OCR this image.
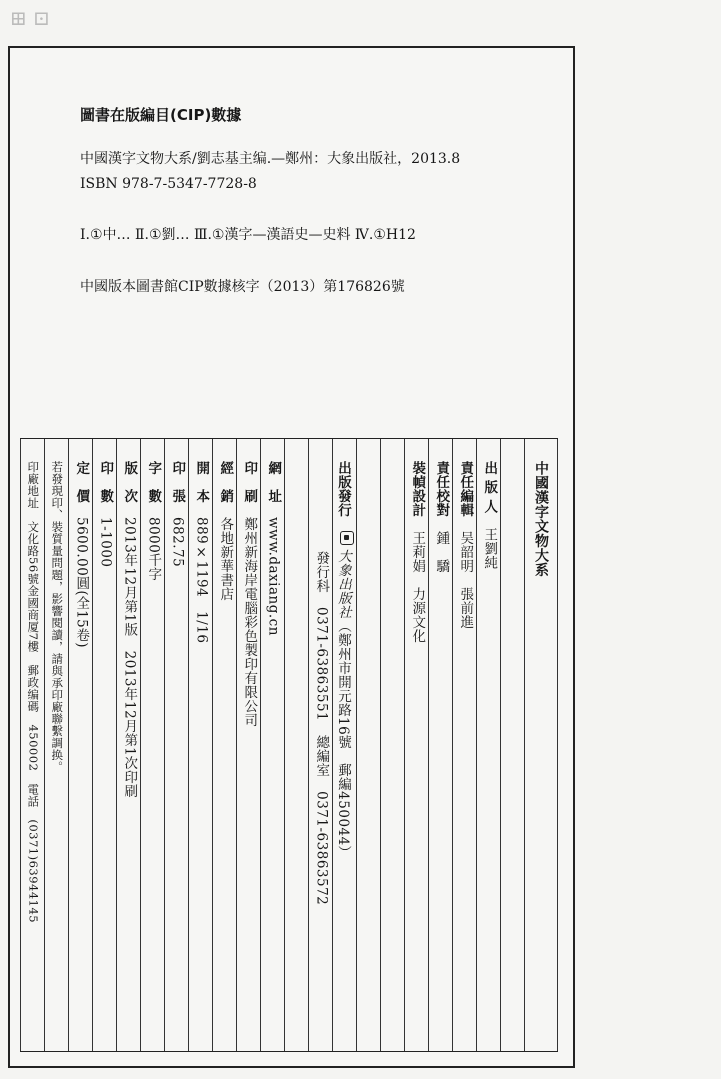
⊞ ⊡
圖書在版編目(CIP)數據
中國漢字文物大系/劉志基主编.—鄭州：大象出版社，2013.8
ISBN 978-7-5347-7728-8
Ⅰ.①中… Ⅱ.①劉… Ⅲ.①漢字—漢語史—史料 Ⅳ.①H12
中國版本圖書館CIP數據核字（2013）第176826號
印廠地址　文化路56號金國商厦7樓　郵政编碼　450002　電話　(0371)63944145 若發現印、裝質量問題，影響閱讀，請與承印廠聯繫調换。 定　價5600.00圓(全15卷)
印　數1-1000
版　次2013年12月第1版　2013年12月第1次印刷
字　數8000千字
印　張682.75
開　本889×1194　1/16
經　銷各地新華書店
印　刷鄭州新海岸電腦彩色製印有限公司
網　址www.daxiang.cn 發行科　0371-63863551　總編室　0371-63863572
出版發行大象出版社（鄭州市開元路16號　郵編450044）
裝幀設計王莉娟　力源文化
責任校對鍾　驕
責任編輯吴韶明　張前進
出 版 人王劉純	中國漢字文物大系
